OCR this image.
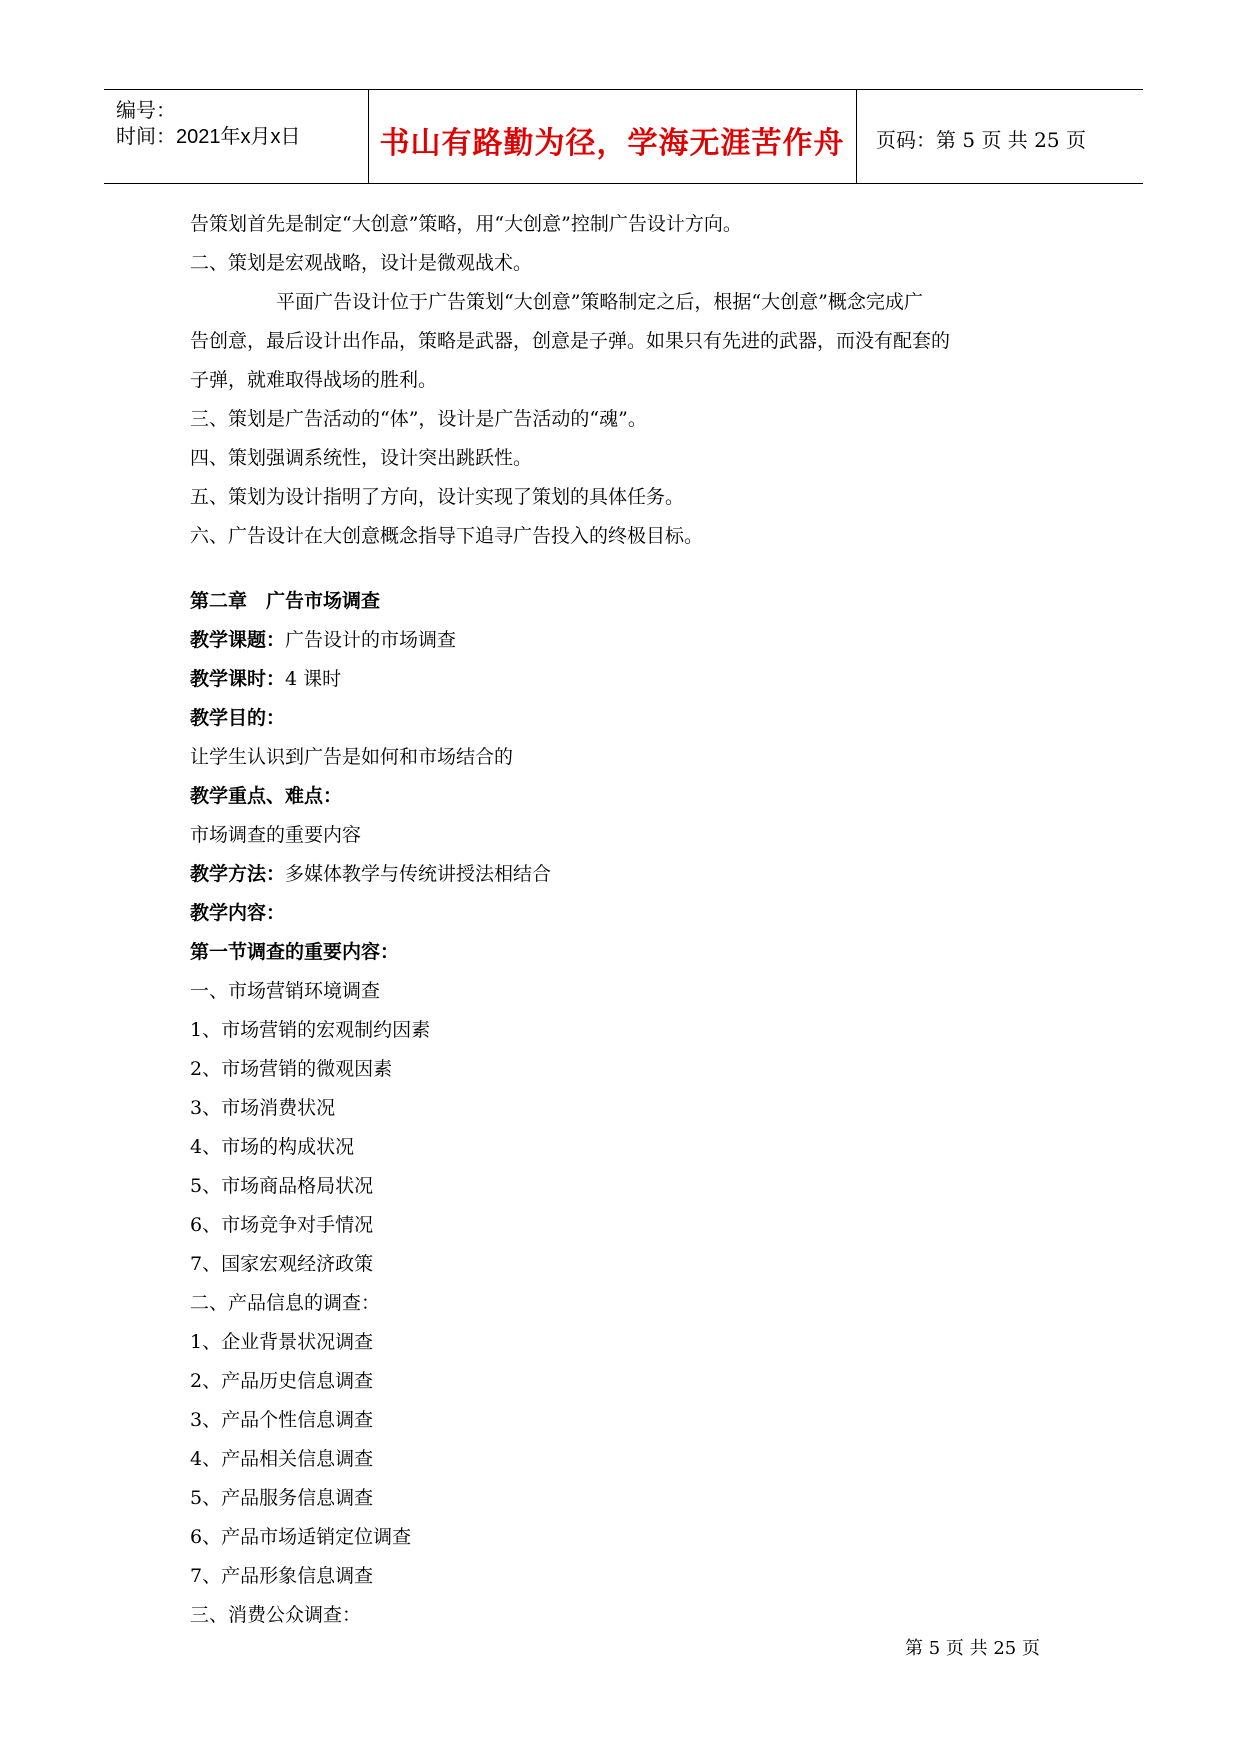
编号：
时间：2021年x月x日	书山有路勤为径，学海无涯苦作舟	页码：第 5 页 共 25 页
告策划首先是制定“大创意”策略，用“大创意”控制广告设计方向。
二、策划是宏观战略，设计是微观战术。
平面广告设计位于广告策划“大创意”策略制定之后，根据“大创意”概念完成广
告创意，最后设计出作品，策略是武器，创意是子弹。如果只有先进的武器，而没有配套的
子弹，就难取得战场的胜利。
三、策划是广告活动的“体”，设计是广告活动的“魂”。
四、策划强调系统性，设计突出跳跃性。
五、策划为设计指明了方向，设计实现了策划的具体任务。
六、广告设计在大创意概念指导下追寻广告投入的终极目标。
第二章　广告市场调查
教学课题：广告设计的市场调查
教学课时：4 课时
教学目的：
让学生认识到广告是如何和市场结合的
教学重点、难点：
市场调查的重要内容
教学方法：多媒体教学与传统讲授法相结合
教学内容：
第一节调查的重要内容：
一、市场营销环境调查
1、市场营销的宏观制约因素
2、市场营销的微观因素
3、市场消费状况
4、市场的构成状况
5、市场商品格局状况
6、市场竞争对手情况
7、国家宏观经济政策
二、产品信息的调查：
1、企业背景状况调查
2、产品历史信息调查
3、产品个性信息调查
4、产品相关信息调查
5、产品服务信息调查
6、产品市场适销定位调查
7、产品形象信息调查
三、消费公众调查：
第 5 页 共 25 页
